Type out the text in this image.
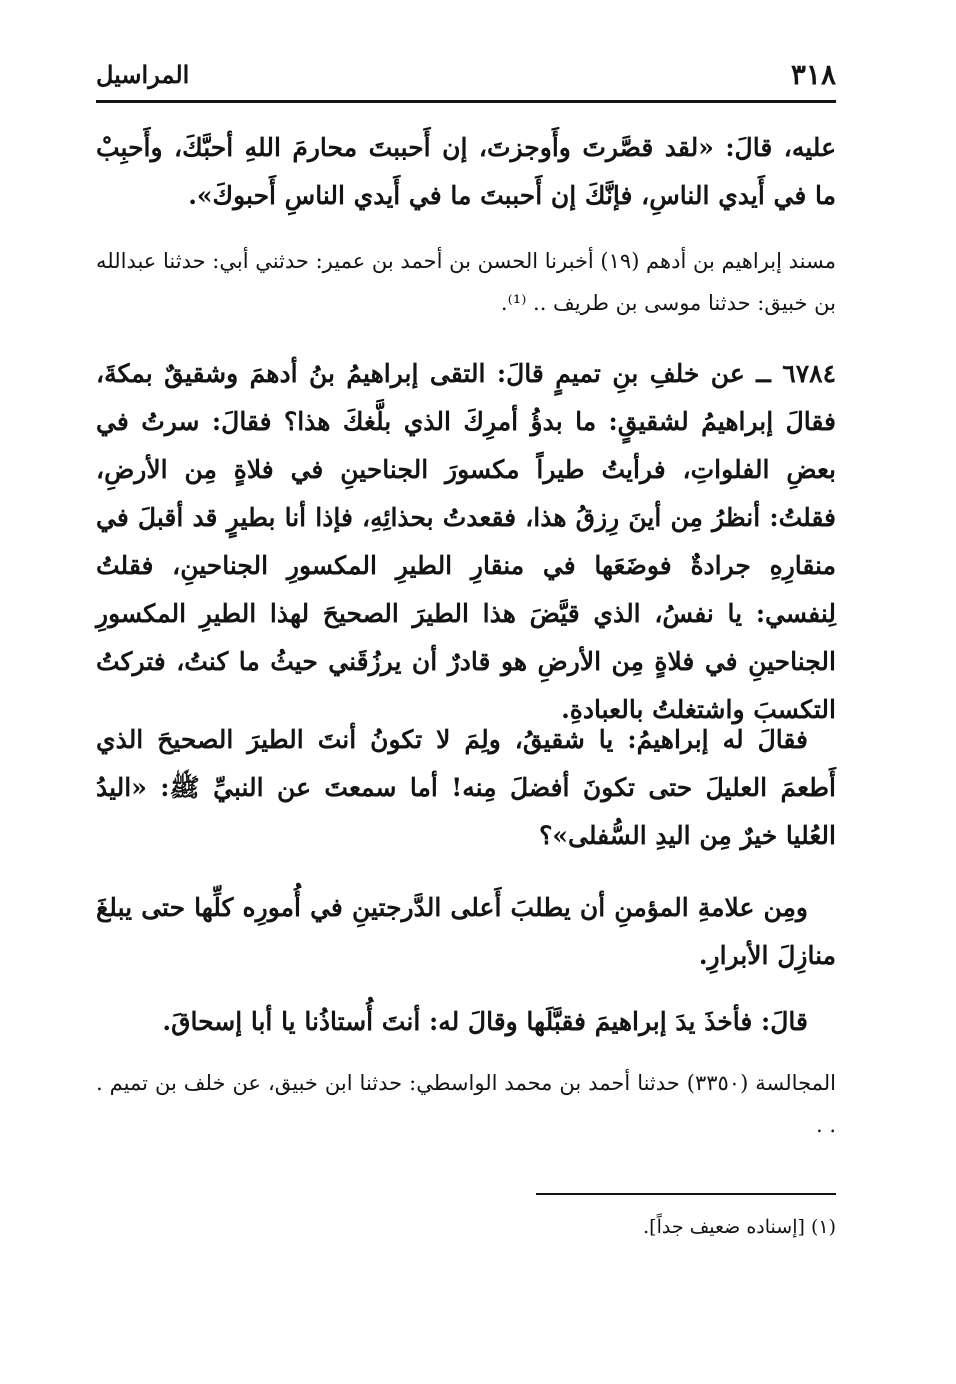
٣١٨
المراسيل

عليه، قالَ: «لقد قصَّرتَ وأَوجزتَ، إن أَحببتَ محارمَ اللهِ أحبَّكَ، وأَحبِبْ ما في أَيدي الناسِ، فإنَّكَ إن أَحببتَ ما في أَيدي الناسِ أَحبوكَ».

مسند إبراهيم بن أدهم (١٩) أخبرنا الحسن بن أحمد بن عمير: حدثني أبي: حدثنا عبدالله بن خبيق: حدثنا موسى بن طريف .. ⁽¹⁾.

٦٧٨٤ ــ عن خلفِ بنِ تميمٍ قالَ: التقى إبراهيمُ بنُ أدهمَ وشقيقٌ بمكةَ، فقالَ إبراهيمُ لشقيقٍ: ما بدؤُ أمرِكَ الذي بلَّغكَ هذا؟ فقالَ: سرتُ في بعضِ الفلواتِ، فرأيتُ طيراً مكسورَ الجناحينِ في فلاةٍ مِن الأرضِ، فقلتُ: أنظرُ مِن أينَ رِزقُ هذا، فقعدتُ بحذائِهِ، فإذا أنا بطيرٍ قد أقبلَ في منقارِهِ جرادةٌ فوضَعَها في منقارِ الطيرِ المكسورِ الجناحينِ، فقلتُ لِنفسي: يا نفسُ، الذي قيَّضَ هذا الطيرَ الصحيحَ لهذا الطيرِ المكسورِ الجناحينِ في فلاةٍ مِن الأرضِ هو قادرٌ أن يرزُقَني حيثُ ما كنتُ، فتركتُ التكسبَ واشتغلتُ بالعبادةِ.

فقالَ له إبراهيمُ: يا شقيقُ، ولِمَ لا تكونُ أنتَ الطيرَ الصحيحَ الذي أَطعمَ العليلَ حتى تكونَ أفضلَ مِنه! أما سمعتَ عن النبيِّ ﷺ: «اليدُ العُليا خيرٌ مِن اليدِ السُّفلى»؟

ومِن علامةِ المؤمنِ أن يطلبَ أَعلى الدَّرجتينِ في أُمورِه كلِّها حتى يبلغَ منازِلَ الأبرارِ.

قالَ: فأخذَ يدَ إبراهيمَ فقبَّلَها وقالَ له: أنتَ أُستاذُنا يا أبا إسحاقَ.

المجالسة (٣٣٥٠) حدثنا أحمد بن محمد الواسطي: حدثنا ابن خبيق، عن خلف بن تميم . . .

(١) [إسناده ضعيف جداً].
